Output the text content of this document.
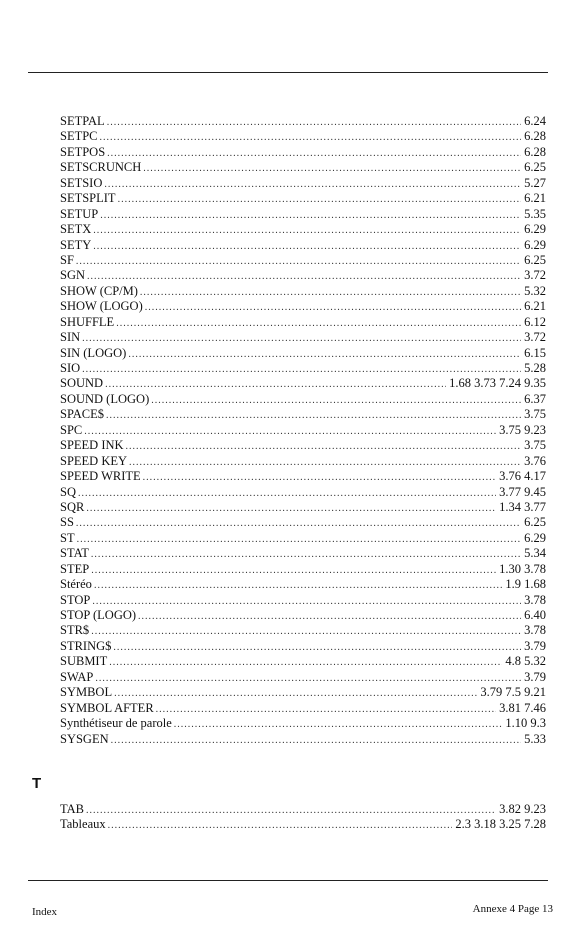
SETPAL .....	6.24
SETPC .....	6.28
SETPOS .....	6.28
SETSCRUNCH .....	6.25
SETSIO .....	5.27
SETSPLIT .....	6.21
SETUP .....	5.35
SETX .....	6.29
SETY .....	6.29
SF .....	6.25
SGN .....	3.72
SHOW (CP/M) .....	5.32
SHOW (LOGO) .....	6.21
SHUFFLE .....	6.12
SIN .....	3.72
SIN (LOGO) .....	6.15
SIO .....	5.28
SOUND .....	1.68 3.73 7.24 9.35
SOUND (LOGO) .....	6.37
SPACE$ .....	3.75
SPC .....	3.75 9.23
SPEED INK .....	3.75
SPEED KEY .....	3.76
SPEED WRITE .....	3.76 4.17
SQ .....	3.77 9.45
SQR .....	1.34 3.77
SS .....	6.25
ST .....	6.29
STAT .....	5.34
STEP .....	1.30 3.78
Stéréo .....	1.9 1.68
STOP .....	3.78
STOP (LOGO) .....	6.40
STR$ .....	3.78
STRING$ .....	3.79
SUBMIT .....	4.8 5.32
SWAP .....	3.79
SYMBOL .....	3.79 7.5 9.21
SYMBOL AFTER .....	3.81 7.46
Synthétiseur de parole .....	1.10 9.3
SYSGEN .....	5.33
T
TAB .....	3.82 9.23
Tableaux .....	2.3 3.18 3.25 7.28
Index	Annexe 4 Page 13
